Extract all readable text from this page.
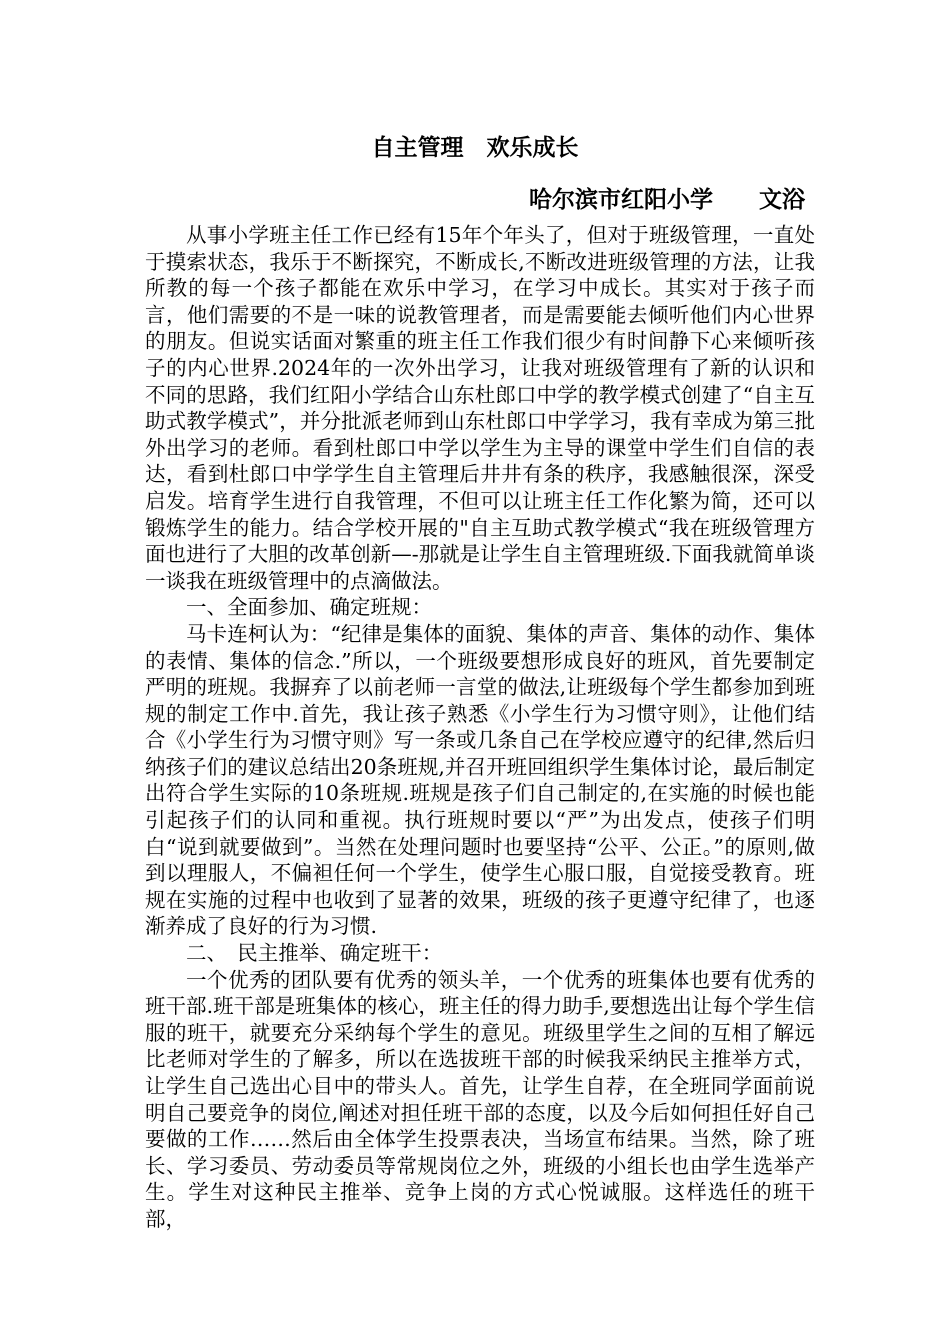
自主管理　欢乐成长
哈尔滨市红阳小学　　文浴

从事小学班主任工作已经有15年个年头了，但对于班级管理，一直处于摸索状态，我乐于不断探究，不断成长,不断改进班级管理的方法，让我所教的每一个孩子都能在欢乐中学习，在学习中成长。其实对于孩子而言，他们需要的不是一味的说教管理者，而是需要能去倾听他们内心世界的朋友。但说实话面对繁重的班主任工作我们很少有时间静下心来倾听孩子的内心世界.2024年的一次外出学习，让我对班级管理有了新的认识和不同的思路，我们红阳小学结合山东杜郎口中学的教学模式创建了“自主互助式教学模式”，并分批派老师到山东杜郎口中学学习，我有幸成为第三批外出学习的老师。看到杜郎口中学以学生为主导的课堂中学生们自信的表达，看到杜郎口中学学生自主管理后井井有条的秩序，我感触很深，深受启发。培育学生进行自我管理，不但可以让班主任工作化繁为简，还可以锻炼学生的能力。结合学校开展的"自主互助式教学模式“我在班级管理方面也进行了大胆的改革创新—-那就是让学生自主管理班级.下面我就简单谈一谈我在班级管理中的点滴做法。

一、全面参加、确定班规：

马卡连柯认为：“纪律是集体的面貌、集体的声音、集体的动作、集体的表情、集体的信念.”所以，一个班级要想形成良好的班风，首先要制定严明的班规。我摒弃了以前老师一言堂的做法,让班级每个学生都参加到班规的制定工作中.首先，我让孩子熟悉《小学生行为习惯守则》，让他们结合《小学生行为习惯守则》写一条或几条自己在学校应遵守的纪律,然后归纳孩子们的建议总结出20条班规,并召开班回组织学生集体讨论，最后制定出符合学生实际的10条班规.班规是孩子们自己制定的,在实施的时候也能引起孩子们的认同和重视。执行班规时要以“严”为出发点，使孩子们明白“说到就要做到”。当然在处理问题时也要坚持“公平、公正。”的原则,做到以理服人，不偏袒任何一个学生，使学生心服口服，自觉接受教育。班规在实施的过程中也收到了显著的效果，班级的孩子更遵守纪律了，也逐渐养成了良好的行为习惯.

二、　民主推举、确定班干：

一个优秀的团队要有优秀的领头羊，一个优秀的班集体也要有优秀的班干部.班干部是班集体的核心，班主任的得力助手,要想选出让每个学生信服的班干，就要充分采纳每个学生的意见。班级里学生之间的互相了解远比老师对学生的了解多，所以在选拔班干部的时候我采纳民主推举方式，让学生自己选出心目中的带头人。首先，让学生自荐，在全班同学面前说明自己要竞争的岗位,阐述对担任班干部的态度，以及今后如何担任好自己要做的工作……然后由全体学生投票表决，当场宣布结果。当然，除了班长、学习委员、劳动委员等常规岗位之外，班级的小组长也由学生选举产生。学生对这种民主推举、竞争上岗的方式心悦诚服。这样选任的班干部，
